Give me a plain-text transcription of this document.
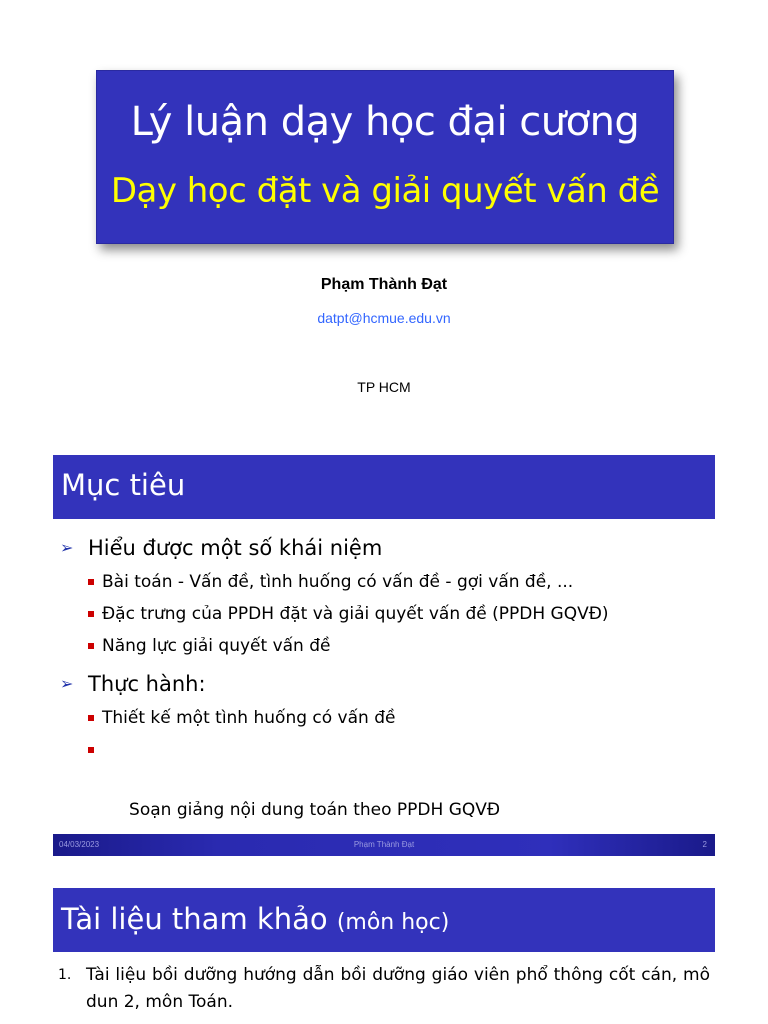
Lý luận dạy học đại cương
Dạy học đặt và giải quyết vấn đề
Phạm Thành Đạt
datpt@hcmue.edu.vn
TP HCM
Mục tiêu
➢ Hiểu được một số khái niệm
Bài toán - Vấn đề, tình huống có vấn đề - gợi vấn đề, ...
Đặc trưng của PPDH đặt và giải quyết vấn đề (PPDH GQVĐ)
Năng lực giải quyết vấn đề
➢ Thực hành:
Thiết kế một tình huống có vấn đề

Soạn giảng nội dung toán theo PPDH GQVĐ

04/03/2023	Phạm Thành Đạt	2
Tài liệu tham khảo (môn học)
1. Tài liệu bồi dưỡng hướng dẫn bồi dưỡng giáo viên phổ thông cốt cán, mô dun 2, môn Toán.
